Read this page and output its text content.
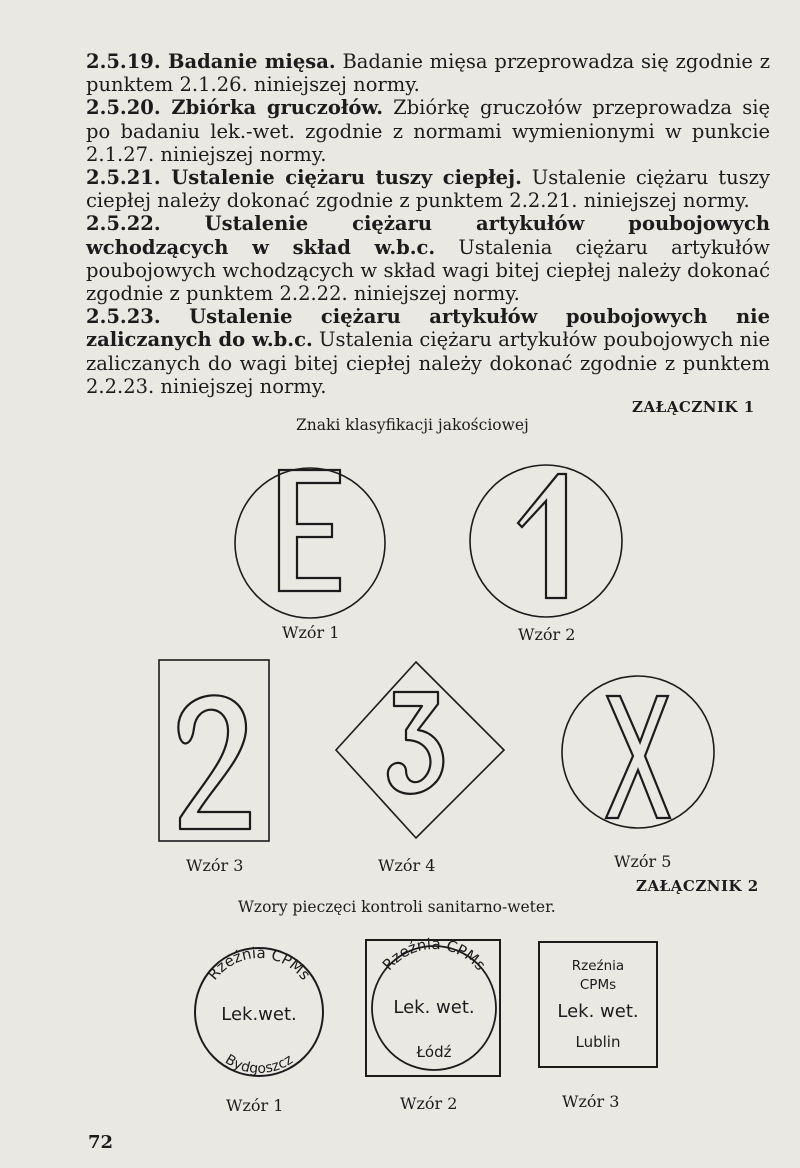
2.5.19. Badanie mięsa. Badanie mięsa przeprowadza się zgodnie z punktem 2.1.26. niniejszej normy.

2.5.20. Zbiórka gruczołów. Zbiórkę gruczołów przeprowadza się po badaniu lek.-wet. zgodnie z normami wymienionymi w punkcie 2.1.27. niniejszej normy.

2.5.21. Ustalenie ciężaru tuszy ciepłej. Ustalenie ciężaru tuszy ciepłej należy dokonać zgodnie z punktem 2.2.21. niniejszej normy.

2.5.22. Ustalenie ciężaru artykułów poubojowych wchodzących w skład w.b.c. Ustalenia ciężaru artykułów poubojowych wchodzących w skład wagi bitej ciepłej należy dokonać zgodnie z punktem 2.2.22. niniejszej normy.

2.5.23. Ustalenie ciężaru artykułów poubojowych nie zaliczanych do w.b.c. Ustalenia ciężaru artykułów poubojowych nie zaliczanych do wagi bitej ciepłej należy dokonać zgodnie z punktem 2.2.23. niniejszej normy.

ZAŁĄCZNIK 1
Znaki klasyfikacji jakościowej
Rzeźnia CPMs
Lek.wet.
Bydgoszcz
Rzeźnia CPMs
Lek. wet.
Łódź
Rzeźnia
CPMs
Lek. wet.
Lublin
Wzór 1	Wzór 2
Wzór 3	Wzór 4	Wzór 5
ZAŁĄCZNIK 2
Wzory pieczęci kontroli sanitarno-weter.
Wzór 1	Wzór 2	Wzór 3
72
